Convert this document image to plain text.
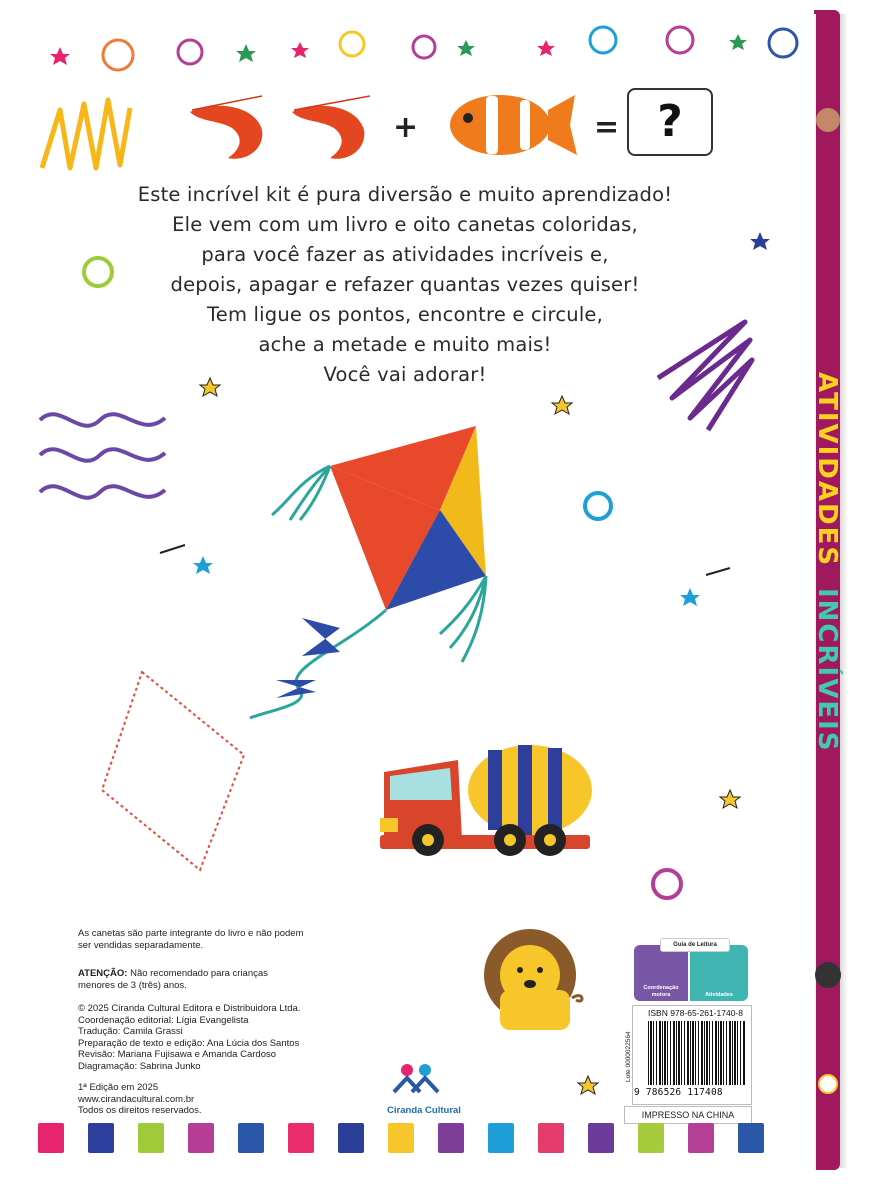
ATIVIDADES INCRÍVEIS
+	= ?
Este incrível kit é pura diversão e muito aprendizado!
Ele vem com um livro e oito canetas coloridas,
para você fazer as atividades incríveis e,
depois, apagar e refazer quantas vezes quiser!
Tem ligue os pontos, encontre e circule,
ache a metade e muito mais!
Você vai adorar!
As canetas são parte integrante do livro e não podem
ser vendidas separadamente.
ATENÇÃO: Não recomendado para crianças
menores de 3 (três) anos.
© 2025 Ciranda Cultural Editora e Distribuidora Ltda.
Coordenação editorial: Lígia Evangelista
Tradução: Camila Grassi
Preparação de texto e edição: Ana Lúcia dos Santos
Revisão: Mariana Fujisawa e Amanda Cardoso
Diagramação: Sabrina Junko
1ª Edição em 2025
www.cirandacultural.com.br
Todos os direitos reservados.
Coordenação
motora	Atividades
Guia de Leitura
ISBN 978-65-261-1740-8
Lote 0000022564
9 786526 117408
IMPRESSO NA CHINA
Ciranda Cultural
